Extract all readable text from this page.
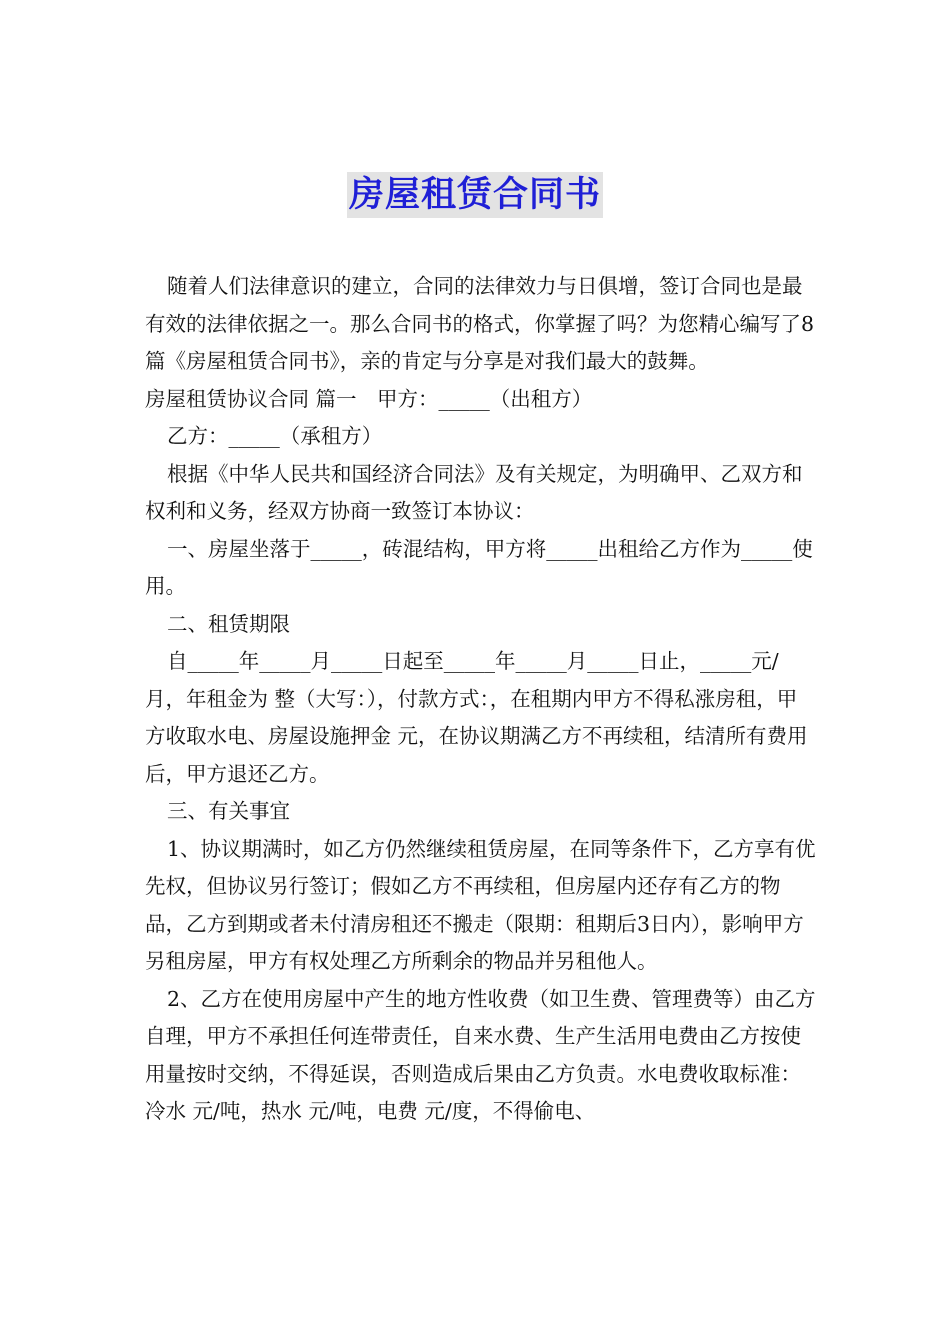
房屋租赁合同书

随着人们法律意识的建立，合同的法律效力与日俱增，签订合同也是最有效的法律依据之一。那么合同书的格式，你掌握了吗？为您精心编写了8篇《房屋租赁合同书》，亲的肯定与分享是对我们最大的鼓舞。

房屋租赁协议合同 篇一　甲方：_____（出租方）

乙方：_____（承租方）

根据《中华人民共和国经济合同法》及有关规定，为明确甲、乙双方和权利和义务，经双方协商一致签订本协议：

一、房屋坐落于_____，砖混结构，甲方将_____出租给乙方作为_____使用。

二、租赁期限

自_____年_____月_____日起至_____年_____月_____日止，_____元/月，年租金为 整（大写：），付款方式：，在租期内甲方不得私涨房租，甲方收取水电、房屋设施押金 元，在协议期满乙方不再续租，结清所有费用后，甲方退还乙方。

三、有关事宜

1、协议期满时，如乙方仍然继续租赁房屋，在同等条件下，乙方享有优先权，但协议另行签订；假如乙方不再续租，但房屋内还存有乙方的物品，乙方到期或者未付清房租还不搬走（限期：租期后3日内），影响甲方另租房屋，甲方有权处理乙方所剩余的物品并另租他人。

2、乙方在使用房屋中产生的地方性收费（如卫生费、管理费等）由乙方自理，甲方不承担任何连带责任，自来水费、生产生活用电费由乙方按使用量按时交纳，不得延误，否则造成后果由乙方负责。水电费收取标准：冷水 元/吨，热水 元/吨，电费 元/度，不得偷电、
